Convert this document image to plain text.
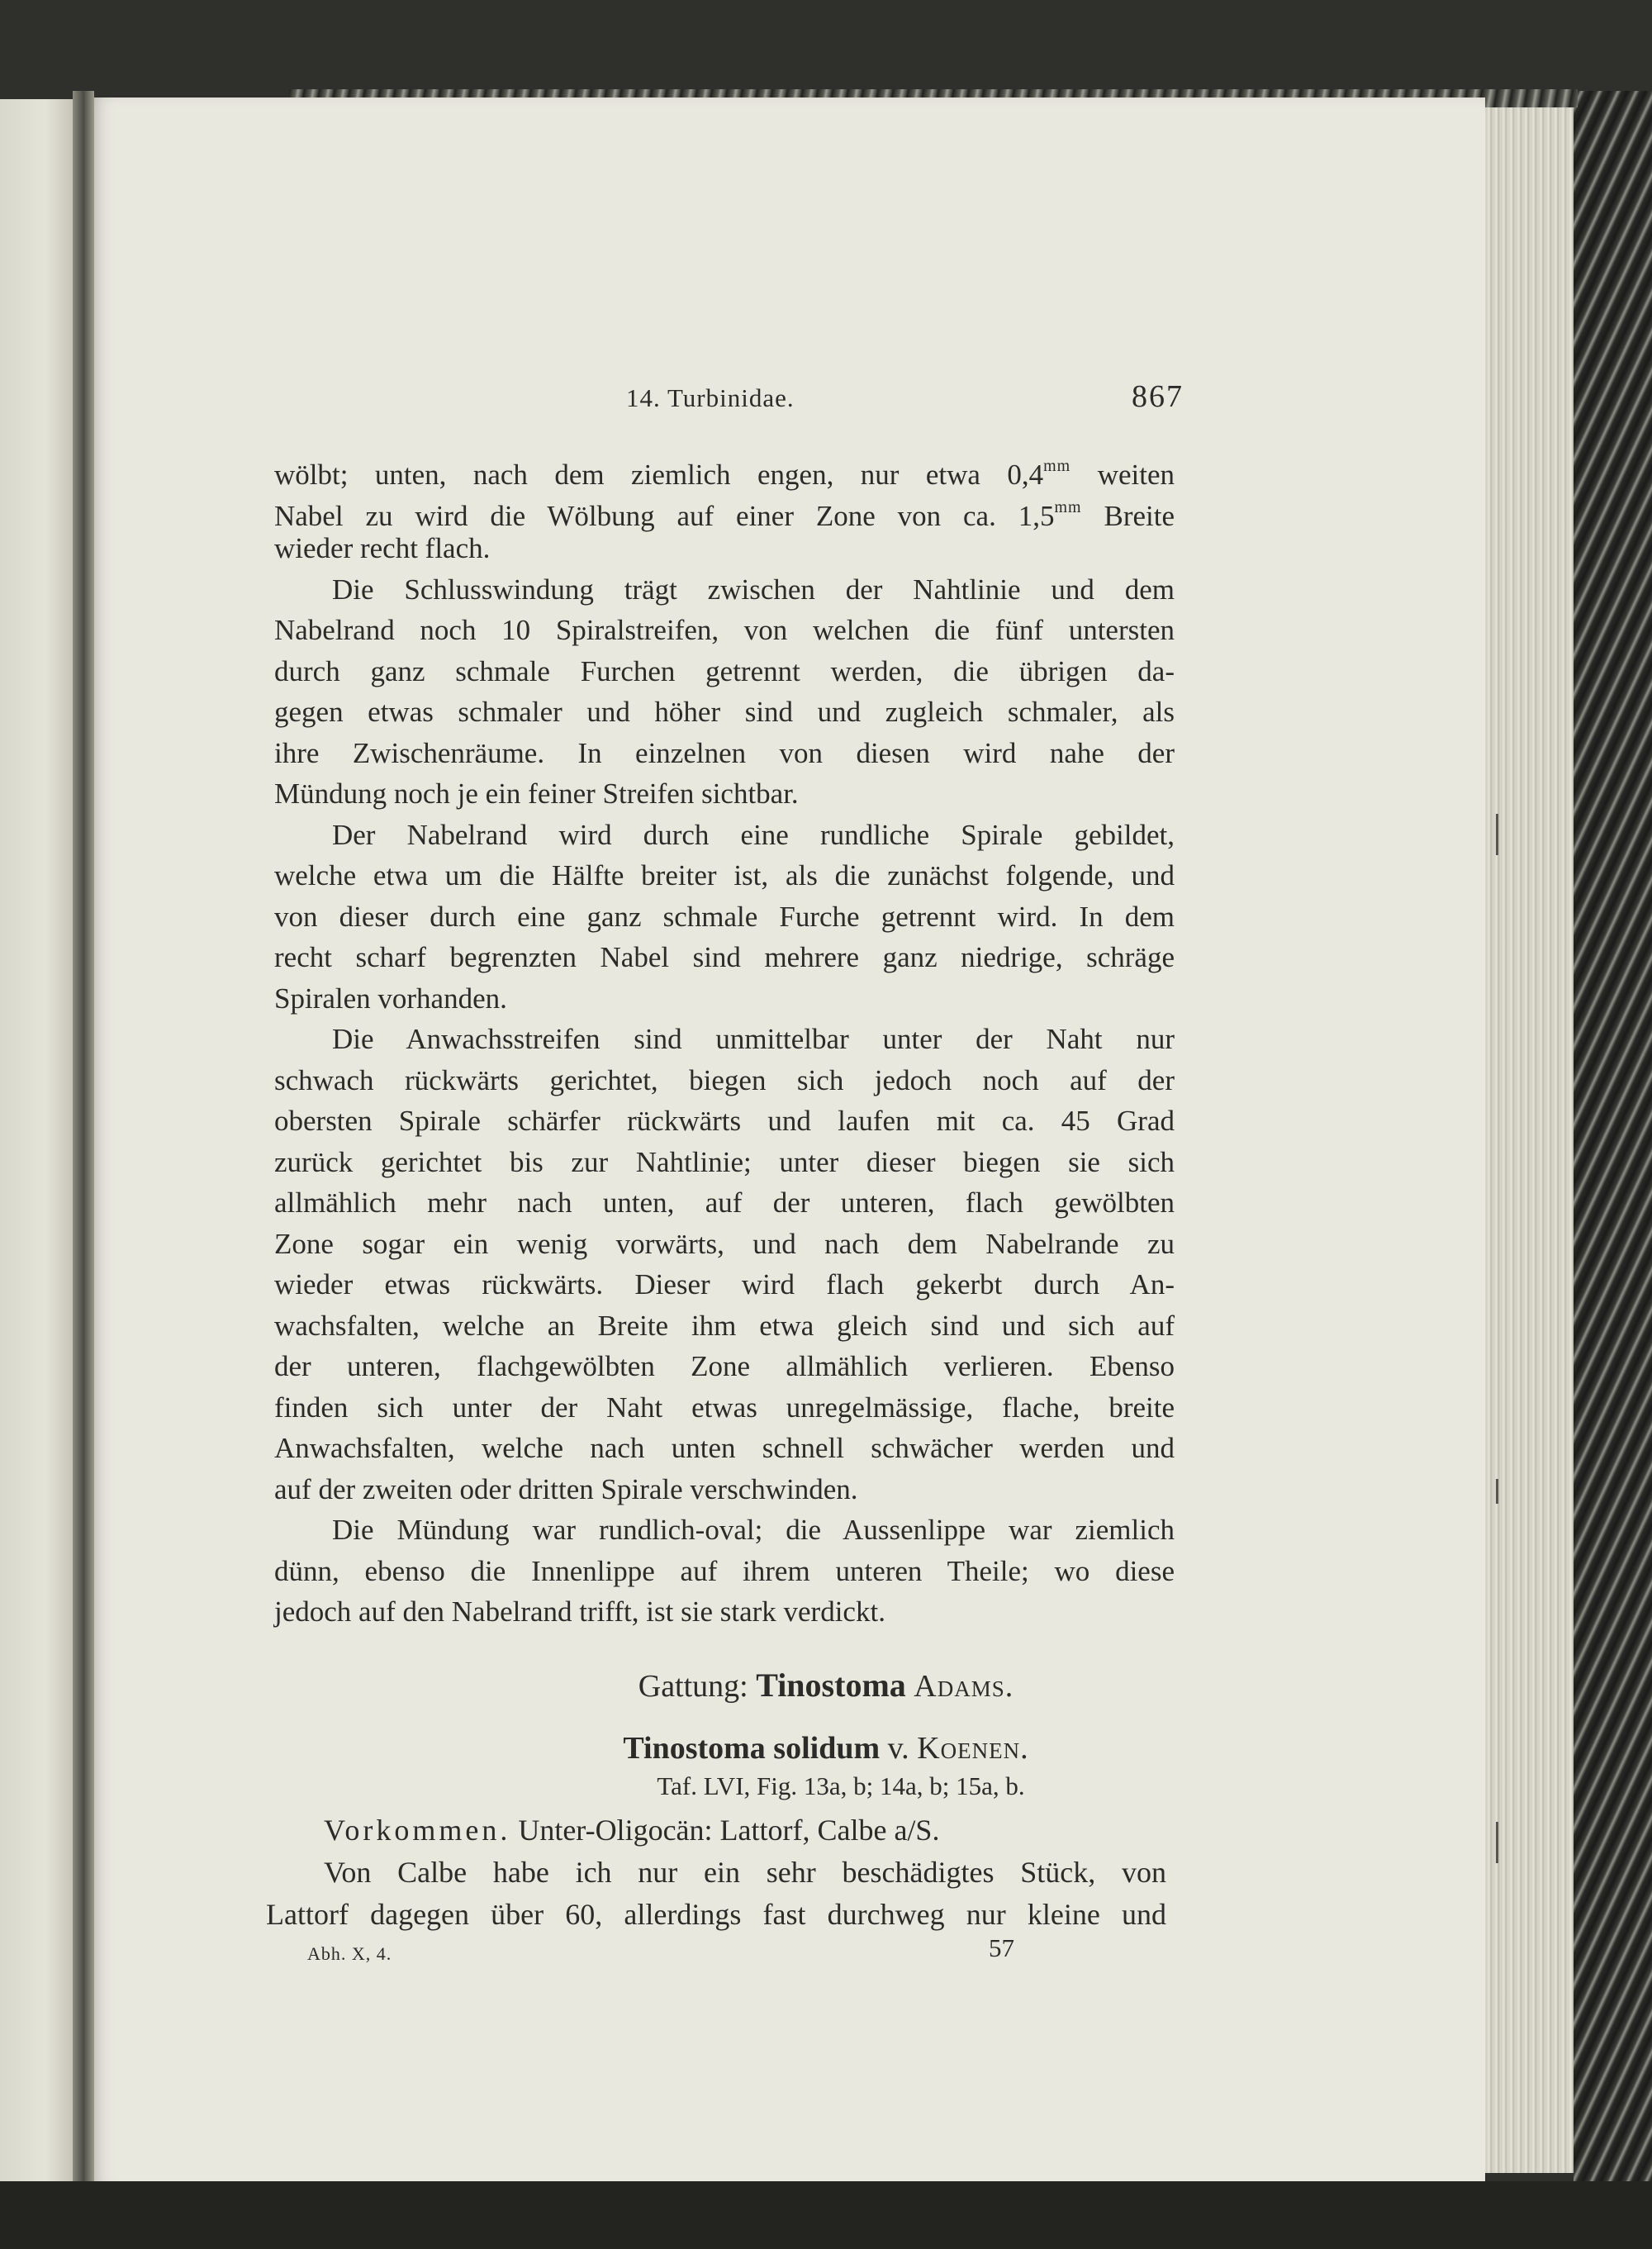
14. Turbinidae.	867
wölbt; unten, nach dem ziemlich engen, nur etwa $0,4^{mm}$ weiten
Nabel zu wird die Wölbung auf einer Zone von ca. $1,5^{mm}$ Breite
wieder recht flach.
Die Schlusswindung trägt zwischen der Nahtlinie und dem
Nabelrand noch 10 Spiralstreifen, von welchen die fünf untersten
durch ganz schmale Furchen getrennt werden, die übrigen da-
gegen etwas schmaler und höher sind und zugleich schmaler, als
ihre Zwischenräume. In einzelnen von diesen wird nahe der
Mündung noch je ein feiner Streifen sichtbar.
Der Nabelrand wird durch eine rundliche Spirale gebildet,
welche etwa um die Hälfte breiter ist, als die zunächst folgende, und
von dieser durch eine ganz schmale Furche getrennt wird. In dem
recht scharf begrenzten Nabel sind mehrere ganz niedrige, schräge
Spiralen vorhanden.
Die Anwachsstreifen sind unmittelbar unter der Naht nur
schwach rückwärts gerichtet, biegen sich jedoch noch auf der
obersten Spirale schärfer rückwärts und laufen mit ca. 45 Grad
zurück gerichtet bis zur Nahtlinie; unter dieser biegen sie sich
allmählich mehr nach unten, auf der unteren, flach gewölbten
Zone sogar ein wenig vorwärts, und nach dem Nabelrande zu
wieder etwas rückwärts. Dieser wird flach gekerbt durch An-
wachsfalten, welche an Breite ihm etwa gleich sind und sich auf
der unteren, flachgewölbten Zone allmählich verlieren. Ebenso
finden sich unter der Naht etwas unregelmässige, flache, breite
Anwachsfalten, welche nach unten schnell schwächer werden und
auf der zweiten oder dritten Spirale verschwinden.
Die Mündung war rundlich-oval; die Aussenlippe war ziemlich
dünn, ebenso die Innenlippe auf ihrem unteren Theile; wo diese
jedoch auf den Nabelrand trifft, ist sie stark verdickt.
Gattung: Tinostoma Adams.
Tinostoma solidum v. Koenen.
Taf. LVI, Fig. 13a, b; 14a, b; 15a, b.
Vorkommen. Unter-Oligocän: Lattorf, Calbe a/S.
Von Calbe habe ich nur ein sehr beschädigtes Stück, von
Lattorf dagegen über 60, allerdings fast durchweg nur kleine und
Abh. X, 4.	57
